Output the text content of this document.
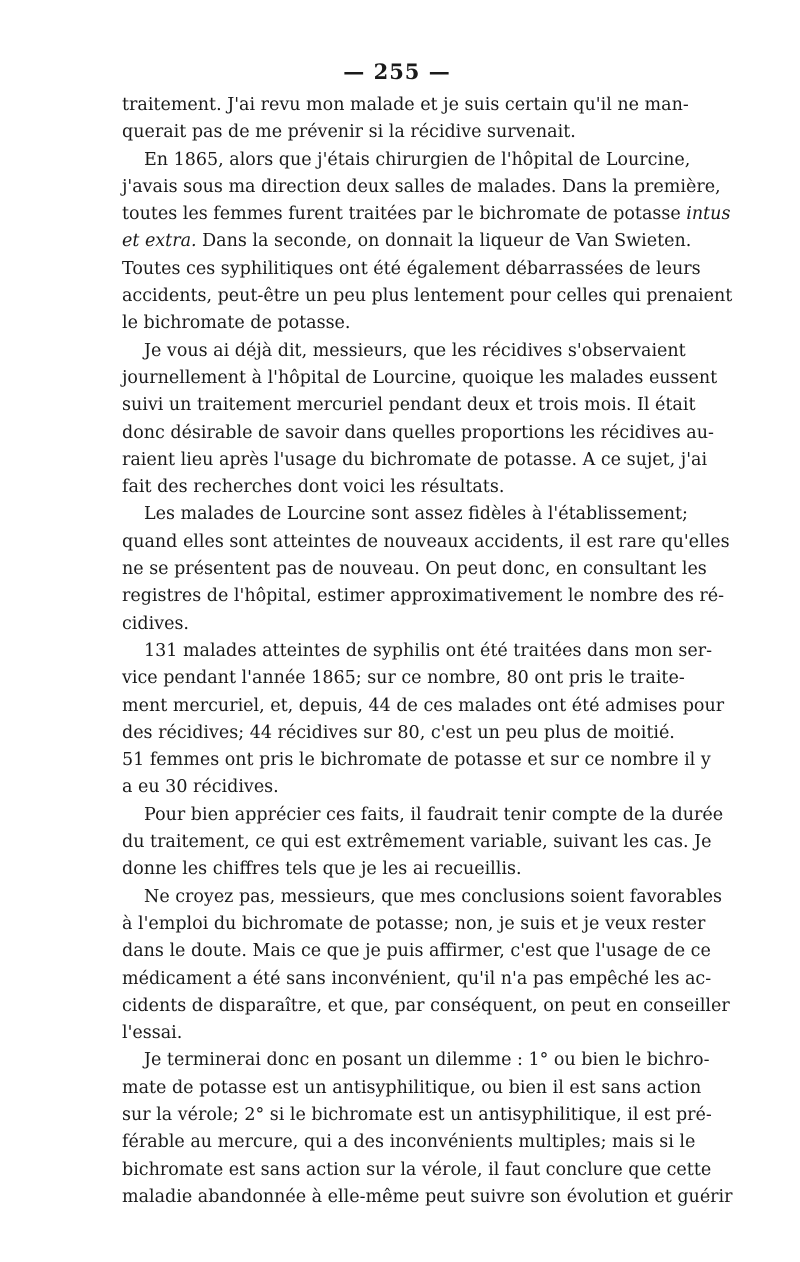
— 255 —
traitement. J'ai revu mon malade et je suis certain qu'il ne man-
querait pas de me prévenir si la récidive survenait.
En 1865, alors que j'étais chirurgien de l'hôpital de Lourcine,
j'avais sous ma direction deux salles de malades. Dans la première,
toutes les femmes furent traitées par le bichromate de potasse intus
et extra. Dans la seconde, on donnait la liqueur de Van Swieten.
Toutes ces syphilitiques ont été également débarrassées de leurs
accidents, peut-être un peu plus lentement pour celles qui prenaient
le bichromate de potasse.
Je vous ai déjà dit, messieurs, que les récidives s'observaient
journellement à l'hôpital de Lourcine, quoique les malades eussent
suivi un traitement mercuriel pendant deux et trois mois. Il était
donc désirable de savoir dans quelles proportions les récidives au-
raient lieu après l'usage du bichromate de potasse. A ce sujet, j'ai
fait des recherches dont voici les résultats.
Les malades de Lourcine sont assez fidèles à l'établissement;
quand elles sont atteintes de nouveaux accidents, il est rare qu'elles
ne se présentent pas de nouveau. On peut donc, en consultant les
registres de l'hôpital, estimer approximativement le nombre des ré-
cidives.
131 malades atteintes de syphilis ont été traitées dans mon ser-
vice pendant l'année 1865; sur ce nombre, 80 ont pris le traite-
ment mercuriel, et, depuis, 44 de ces malades ont été admises pour
des récidives; 44 récidives sur 80, c'est un peu plus de moitié.
51 femmes ont pris le bichromate de potasse et sur ce nombre il y
a eu 30 récidives.
Pour bien apprécier ces faits, il faudrait tenir compte de la durée
du traitement, ce qui est extrêmement variable, suivant les cas. Je
donne les chiffres tels que je les ai recueillis.
Ne croyez pas, messieurs, que mes conclusions soient favorables
à l'emploi du bichromate de potasse; non, je suis et je veux rester
dans le doute. Mais ce que je puis affirmer, c'est que l'usage de ce
médicament a été sans inconvénient, qu'il n'a pas empêché les ac-
cidents de disparaître, et que, par conséquent, on peut en conseiller
l'essai.
Je terminerai donc en posant un dilemme : 1° ou bien le bichro-
mate de potasse est un antisyphilitique, ou bien il est sans action
sur la vérole; 2° si le bichromate est un antisyphilitique, il est pré-
férable au mercure, qui a des inconvénients multiples; mais si le
bichromate est sans action sur la vérole, il faut conclure que cette
maladie abandonnée à elle-même peut suivre son évolution et guérir
